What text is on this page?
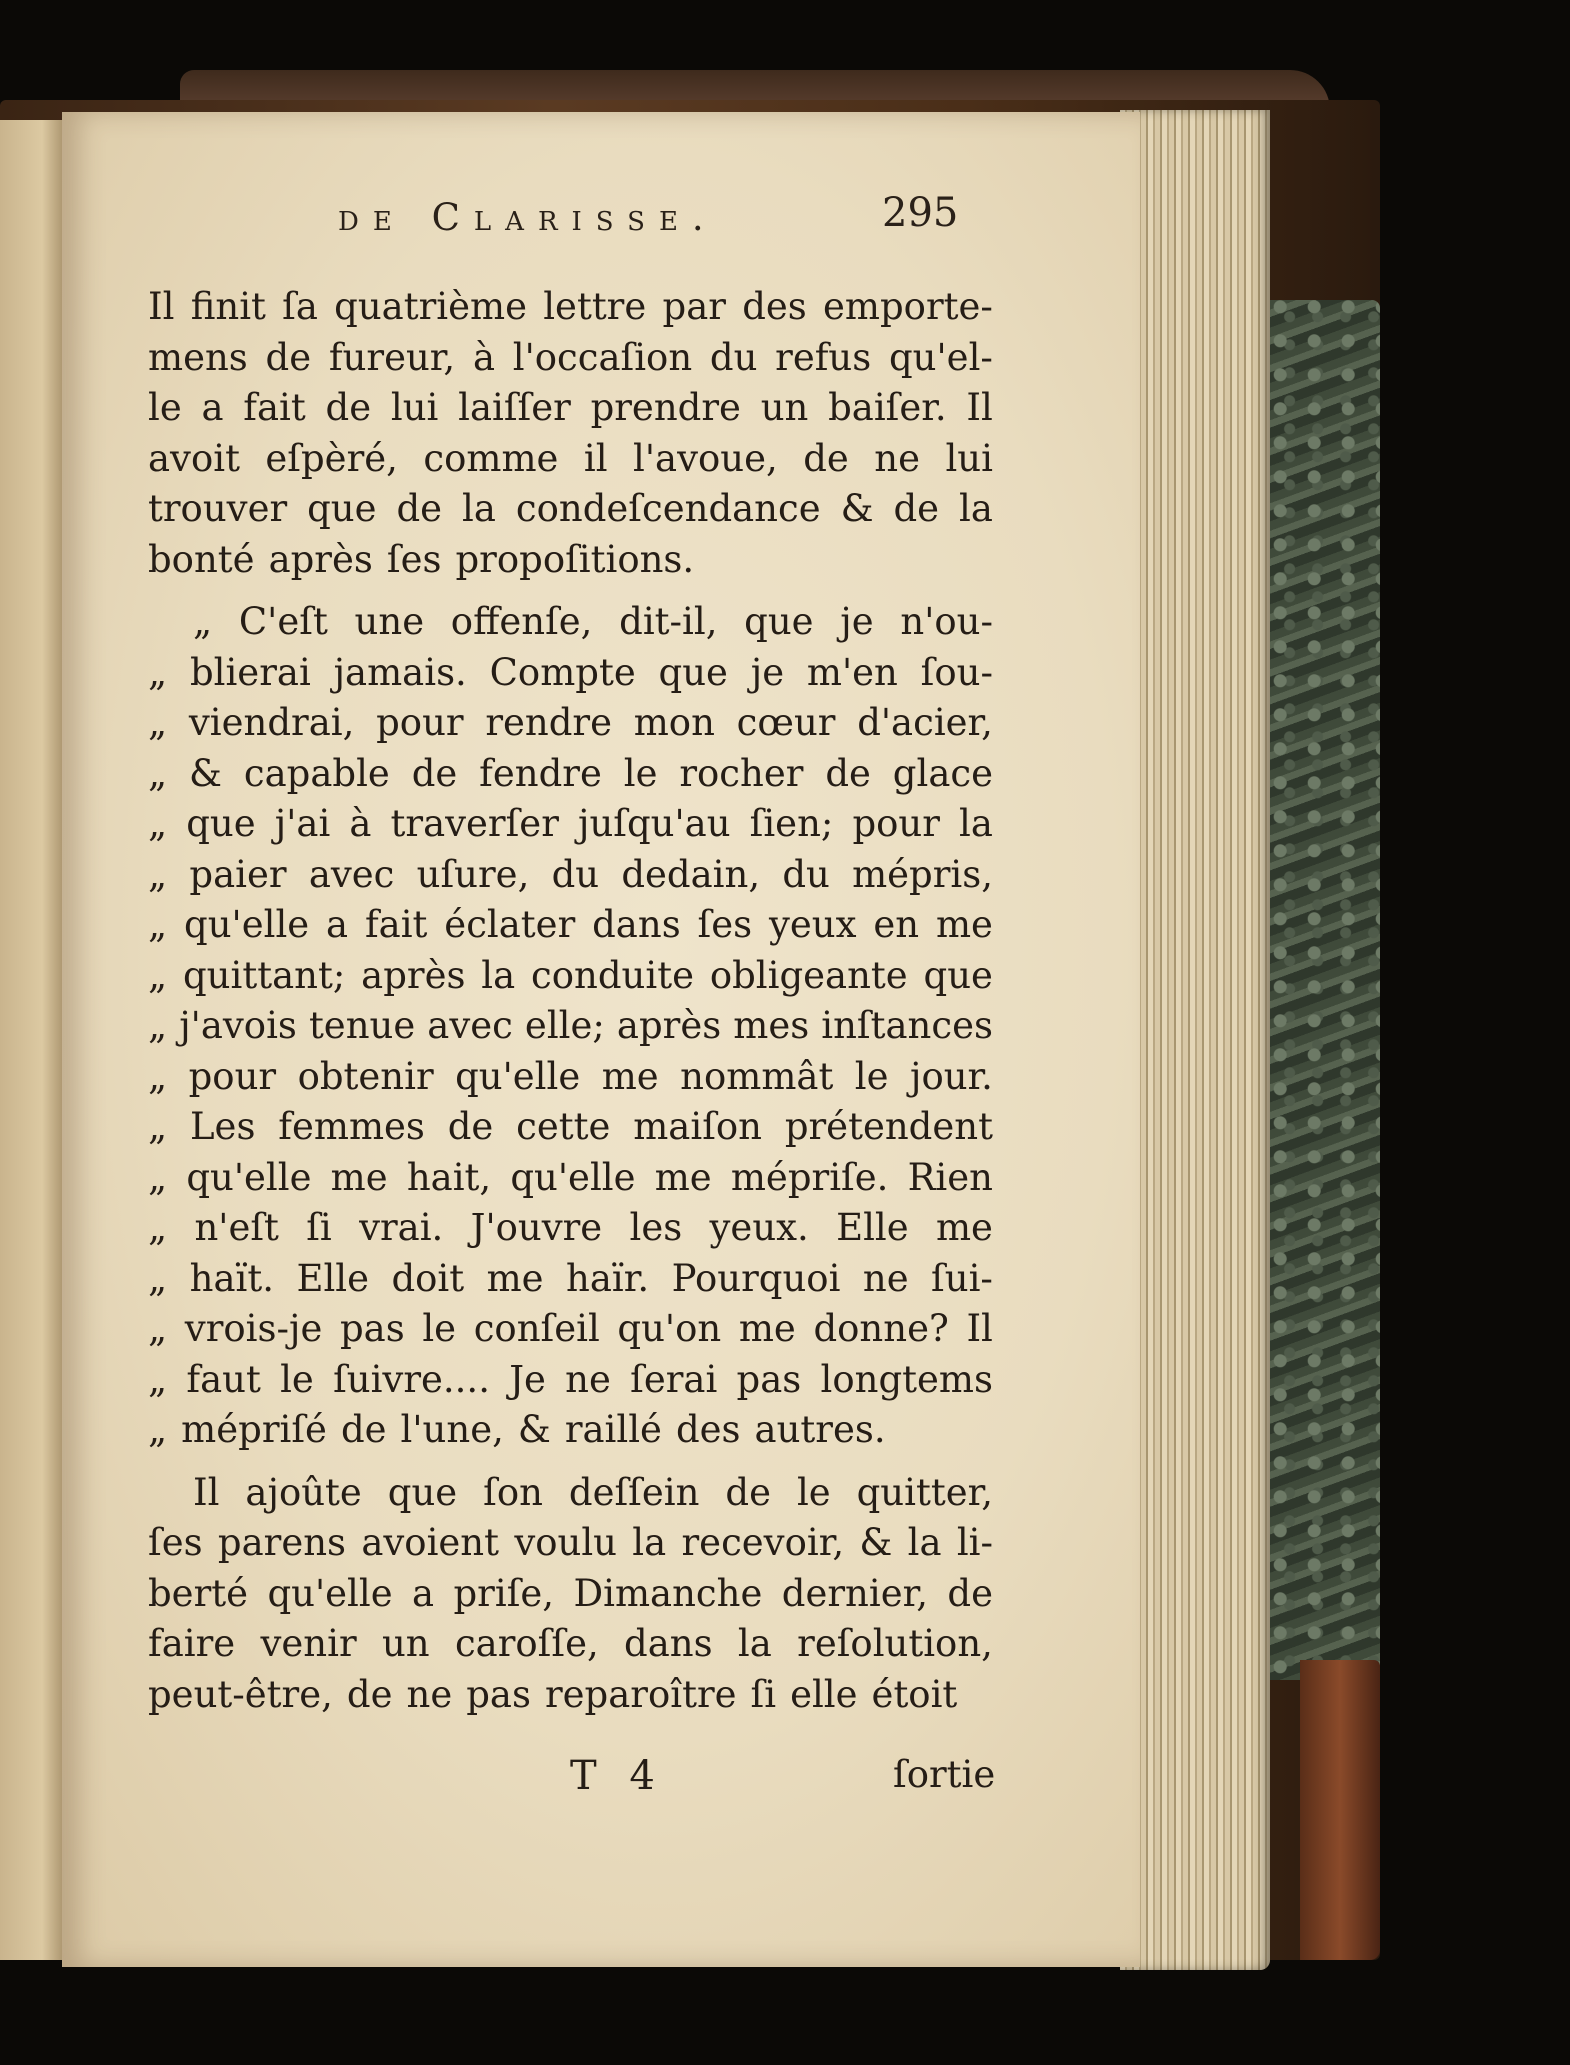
de Clarisse.	295
Il finit ſa quatrième lettre par des emporte-
mens de fureur, à l'occaſion du refus qu'el-
le a fait de lui laiſſer prendre un baiſer. Il
avoit eſpèré, comme il l'avoue, de ne lui
trouver que de la condeſcendance & de la
bonté après ſes propoſitions.
„ C'eſt une offenſe, dit-il, que je n'ou-
„ blierai jamais. Compte que je m'en ſou-
„ viendrai, pour rendre mon cœur d'acier,
„ & capable de fendre le rocher de glace
„ que j'ai à traverſer juſqu'au ſien; pour la
„ paier avec uſure, du dedain, du mépris,
„ qu'elle a fait éclater dans ſes yeux en me
„ quittant; après la conduite obligeante que
„ j'avois tenue avec elle; après mes inſtances
„ pour obtenir qu'elle me nommât le jour.
„ Les femmes de cette maiſon prétendent
„ qu'elle me hait, qu'elle me mépriſe. Rien
„ n'eſt ſi vrai. J'ouvre les yeux. Elle me
„ haït. Elle doit me haïr. Pourquoi ne ſui-
„ vrois-je pas le conſeil qu'on me donne? Il
„ faut le ſuivre.... Je ne ſerai pas longtems
„ mépriſé de l'une, & raillé des autres.
Il ajoûte que ſon deſſein de le quitter,
ſes parens avoient voulu la recevoir, & la li-
berté qu'elle a priſe, Dimanche dernier, de
faire venir un caroſſe, dans la reſolution,
peut-être, de ne pas reparoître ſi elle étoit
T 4	ſortie
